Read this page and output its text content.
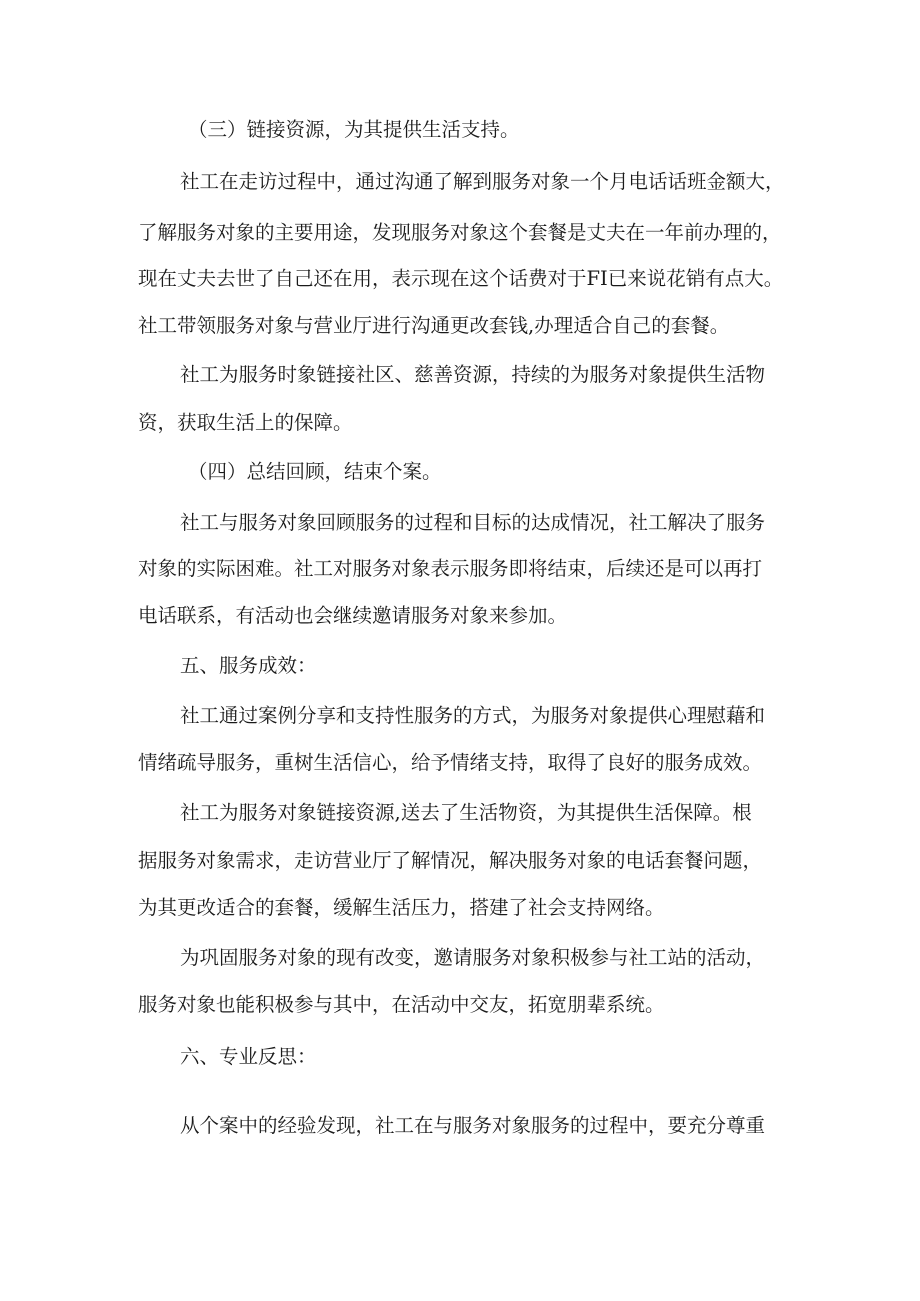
（三）链接资源，为其提供生活支持。
社工在走访过程中，通过沟通了解到服务对象一个月电话话班金额大，
了解服务对象的主要用途，发现服务对象这个套餐是丈夫在一年前办理的，
现在丈夫去世了自己还在用，表示现在这个话费对于FI已来说花销有点大。
社工带领服务对象与营业厅进行沟通更改套钱,办理适合自己的套餐。
社工为服务时象链接社区、慈善资源，持续的为服务对象提供生活物
资，获取生活上的保障。
（四）总结回顾，结束个案。
社工与服务对象回顾服务的过程和目标的达成情况，社工解决了服务
对象的实际困难。社工对服务对象表示服务即将结束，后续还是可以再打
电话联系，有活动也会继续邀请服务对象来参加。
五、服务成效：
社工通过案例分享和支持性服务的方式，为服务对象提供心理慰藉和
情绪疏导服务，重树生活信心，给予情绪支持，取得了良好的服务成效。
社工为服务对象链接资源,送去了生活物资，为其提供生活保障。根
据服务对象需求，走访营业厅了解情况，解决服务对象的电话套餐问题，
为其更改适合的套餐，缓解生活压力，搭建了社会支持网络。
为巩固服务对象的现有改变，邀请服务对象积极参与社工站的活动，
服务对象也能积极参与其中，在活动中交友，拓宽朋辈系统。
六、专业反思：
从个案中的经验发现，社工在与服务对象服务的过程中，要充分尊重
